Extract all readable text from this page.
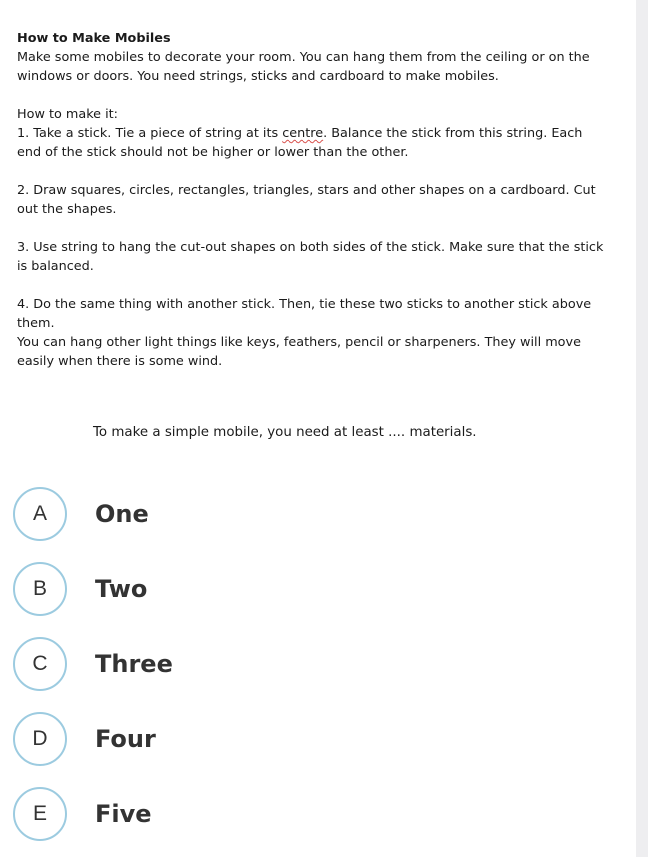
How to Make Mobiles

Make some mobiles to decorate your room. You can hang them from the ceiling or on the windows or doors. You need strings, sticks and cardboard to make mobiles.

How to make it:

1. Take a stick. Tie a piece of string at its centre. Balance the stick from this string. Each end of the stick should not be higher or lower than the other.

2. Draw squares, circles, rectangles, triangles, stars and other shapes on a cardboard. Cut out the shapes.

3. Use string to hang the cut-out shapes on both sides of the stick. Make sure that the stick is balanced.

4. Do the same thing with another stick. Then, tie these two sticks to another stick above them.

You can hang other light things like keys, feathers, pencil or sharpeners. They will move easily when there is some wind.

To make a simple mobile, you need at least .... materials.
A	One
B	Two
C	Three
D	Four
E	Five
